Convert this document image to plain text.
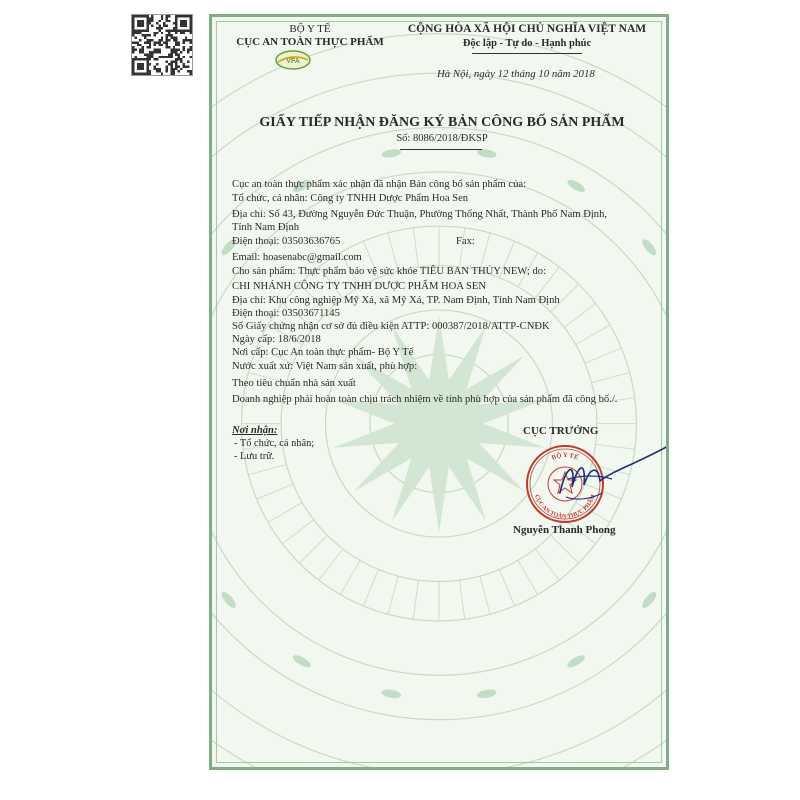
BỘ Y TẾ
CỤC AN TOÀN THỰC PHẨM
VFA
CỘNG HÒA XÃ HỘI CHỦ NGHĨA VIỆT NAM
Độc lập - Tự do - Hạnh phúc
Hà Nội, ngày 12 tháng 10 năm 2018
GIẤY TIẾP NHẬN ĐĂNG KÝ BẢN CÔNG BỐ SẢN PHẨM
Số: 8086/2018/ĐKSP
Cục an toàn thực phẩm xác nhận đã nhận Bản công bố sản phẩm của:
Tổ chức, cá nhân: Công ty TNHH Dược Phẩm Hoa Sen
Địa chỉ: Số 43, Đường Nguyễn Đức Thuận, Phường Thống Nhất, Thành Phố Nam Định,
Tỉnh Nam Định
Điện thoại: 03503636765	Fax:
Email: hoasenabc@gmail.com
Cho sản phẩm: Thực phẩm bảo vệ sức khỏe TIÊU BAN THỦY NEW; do:
CHI NHÁNH CÔNG TY TNHH DƯỢC PHẨM HOA SEN
Địa chỉ: Khu công nghiệp Mỹ Xá, xã Mỹ Xá, TP. Nam Định, Tỉnh Nam Định
Điện thoại: 03503671145
Số Giấy chứng nhận cơ sở đủ điều kiện ATTP: 000387/2018/ATTP-CNĐK
Ngày cấp: 18/6/2018
Nơi cấp: Cục An toàn thực phẩm- Bộ Y Tế
Nước xuất xứ: Việt Nam sản xuất, phù hợp:
Theo tiêu chuẩn nhà sản xuất
Doanh nghiệp phải hoàn toàn chịu trách nhiệm về tính phù hợp của sản phẩm đã công bố./.
Nơi nhận:
- Tổ chức, cá nhân;
- Lưu trữ.
CỤC TRƯỞNG
BỘ Y TẾ
CỤC AN TOÀN THỰC PHẨM
Nguyễn Thanh Phong
